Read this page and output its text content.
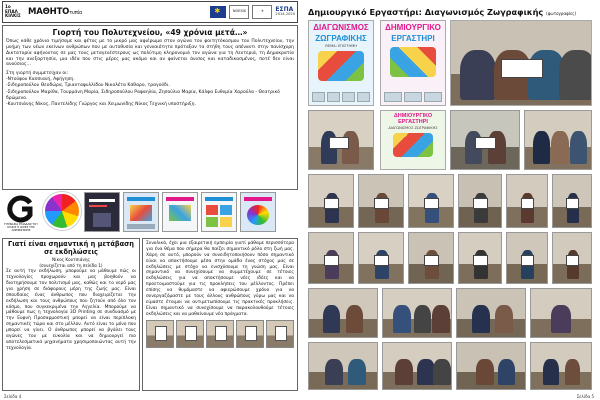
1ο ΕΠΑΛ ΚΙΛΚΙΣ ΜΑΘΗΤΟ τυπία
✱	NOESIS	⚜	ΕΣΠΑ
2014-2020
Γιορτή του Πολυτεχνείου, «49 χρόνια μετά…»

Όπως κάθε χρόνια τιμήσαμε και φέτος με το μικρό μας αφιέρωμα στον αγώνα του φοιτητόκοσμου του Πολυτεχνείου, την μνήμη των νέων εκείνων ανθρώπων που με αυτοθυσία και γενναιότητα πρόταξαν τα στήθη τους απέναντι στην πανίσχυρη Δικτατορία αφήνοντας σε μας τους μεταγενέστερους ως πολύτιμη κληρονομιά τον αγώνα για τη Λευτεριά, τη Δημοκρατία και την ανεξαρτησία, μια ιδέα που στις μέρες μας ακόμα και αν φαίνεται άνισος και καταδικασμένος, ποτέ δεν είναι ανούσιος…

Στη γιορτή συμμετείχαν οι:

-Ντούφου Κασσιανή, Αφήγηση.
-Σιδηροπούλου Θεοδώρα, Τριανταφυλλίδου Νικολέτα Κάθαρο, τραγούδι.
-Σιδηροπούλου Μαρίθα, Τουρμάνη Μαρία, Σιδηροπούλου Ραφαηλία, Ζησούλια Μαρία, Κάλφα Ευθυμία Χαρούλα - Θεατρικό δρώμενο.
-Κουτσιάνης Νίκος, Παντελίδης Γιώργος και Χειμωνίδης Νίκος Τεχνική υποστήριξη.
ΓΥΜΝΑΣΙΑ ΕΛΙΑΔΑΝ ΤΟΥ ΚΙΛΚΙΣ Η ΔΙΧΕΣ ΤΗΣ ΑΝΘΡΩΠΙΝΗΣ
Γιατί είναι σημαντική η μετάβαση σε εκδηλώσεις
Νίκος Κουτσιάνης
(συνεχίζεται από τη σελίδα 1)

Σε αυτή την εκδήλωση, μπορούμε να μάθουμε πώς οι τεχνολογίες προχωρούν και μας βοηθούν να διατηρήσουμε τον πολιτισμό μας, καθώς και το νερό μας για χρήση σε διάφορους μέρη της ζωής μας. Είναι σπουδαίος ένας άνθρωπος που διαχειρίζεται την εκδήλωση και τους ανθρώπους που ζητούν από όλο τον κόσμο, που συγκεκριμένα την Αγγελία. Μπορούμε να μάθουμε πως η τεχνολογία 3D Printing σε συνδυασμό με την Ευφυή Προσαρμοστική μπορεί να είναι περίπλοκη σημαντικές τώρα και στο μέλλον. Αυτό είναι το μόνο που μπορεί να γίνει. Ο άνθρωπος μπορεί να βγάλει τους αγώνες του με ευκολία και να δημιουργεί πιο αποτελεσματικά μηχανήματα χρησιμοποιώντας αυτή την τεχνολογία.

Συνολικά, έχει μια εξαιρετική εμπειρία γιατί μάθαμε περισσότερα για ένα θέμα που σήμερα θα παίζει σημαντικό ρόλο στη ζωή μας. Χάρη σε αυτό, μπορούν να συνειδητοποιήσουν πόσο σημαντικό είναι να αποκτήσουμε μέσα στην ομάδα ένας στόχος μας σε εκδηλώσεις με στόχο να ενισχύσουμε τη γνώση μας. Είναι σημαντικό να συνεχίσουμε να συμμετέχουμε σε τέτοιες εκδηλώσεις για να αποκτήσουμε νέες ιδέες και να προετοιμαστούμε για τις προκλήσεις του μέλλοντος. Πρέπει επίσης να θυμόμαστε να αφιερώσουμε χρόνο για να συνεργαζόμαστε με τους άλλους ανθρώπους γύρω μας και να είμαστε έτοιμοι να αντιμετωπίσουμε τις πρακτικές προκλήσεις. Είναι σημαντικό να συνεχίσουμε να παρακολουθούμε τέτοιες εκδηλώσεις και να μαθαίνουμε νέα πράγματα.

Σελίδα 4
Δημιουργικό Εργαστήρι: Διαγωνισμός Ζωγραφικής (φωτογραφίες)
ΔΙΑΓΩΝΙΣΜΟΣ
ΖΩΓΡΑΦΙΚΗΣ
ΘΕΜΑ: ΕΠΙΣΤΗΜΗ
ΔΗΜΙΟΥΡΓΙΚΟ
ΕΡΓΑΣΤΗΡΙ
ΔΗΜΙΟΥΡΓΙΚΟ ΕΡΓΑΣΤΗΡΙ
ΔΙΑΓΩΝΙΣΜΟΣ ΖΩΓΡΑΦΙΚΗΣ
Σελίδα 5
